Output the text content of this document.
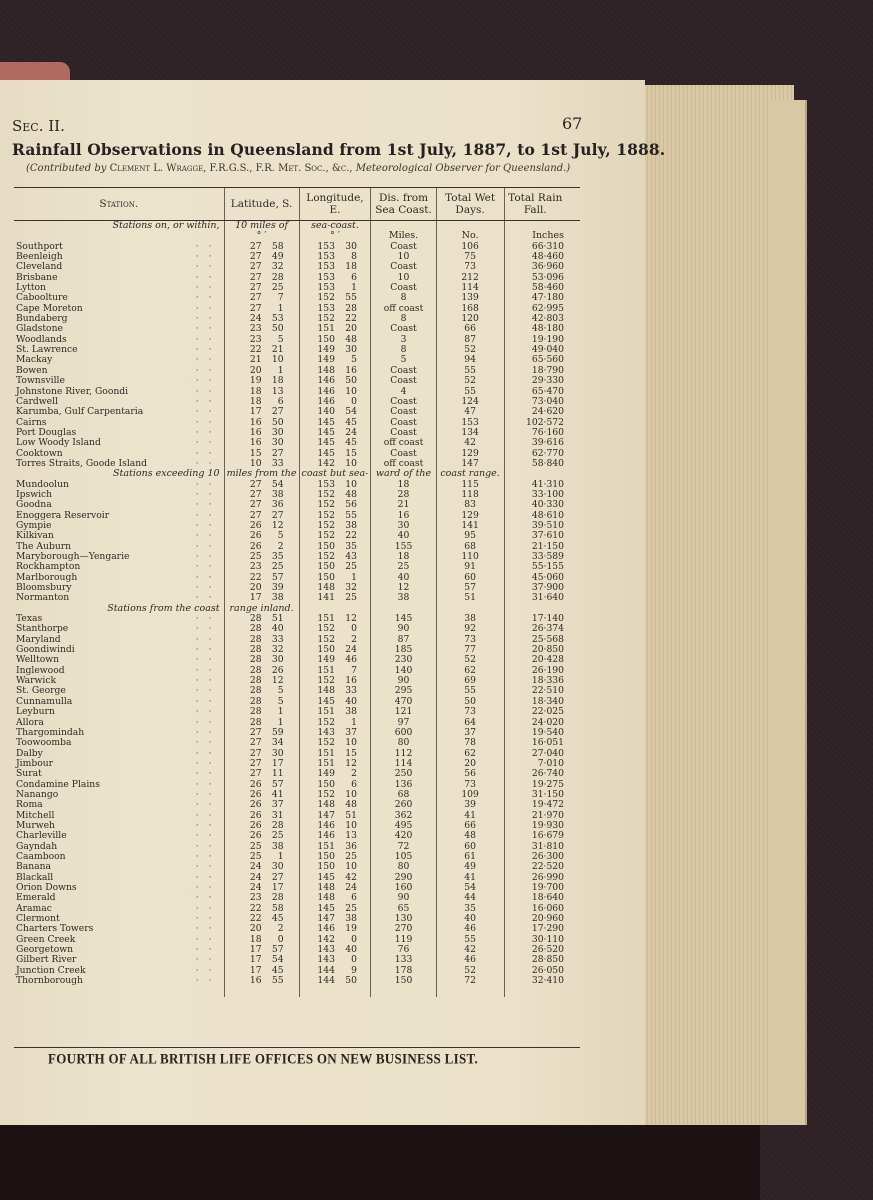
Sec. II.	67
Rainfall Observations in Queensland from 1st July, 1887, to 1st July, 1888.
(Contributed by Clement L. Wragge, F.R.G.S., F.R. Met. Soc., &c., Meteorological Observer for Queensland.)
Station.	Latitude, S.	Longitude, E.	Dis. from Sea Coast.	Total Wet Days.	Total Rain Fall.
Stations on, or within,	10 miles of	sea-coast.			
	° ′	° ′	Miles.	No.	Inches

Southport ··	27 58	153 30	Coast	106	66·310

Beenleigh ··	27 49	153 8	10	75	48·460

Cleveland ··	27 32	153 18	Coast	73	36·960

Brisbane ··	27 28	153 6	10	212	53·096

Lytton ··	27 25	153 1	Coast	114	58·460

Caboolture ··	27 7	152 55	8	139	47·180

Cape Moreton ··	27 1	153 28	off coast	168	62·995

Bundaberg ··	24 53	152 22	8	120	42·803

Gladstone ··	23 50	151 20	Coast	66	48·180

Woodlands ··	23 5	150 48	3	87	19·190

St. Lawrence ··	22 21	149 30	8	52	49·040

Mackay ··	21 10	149 5	5	94	65·560

Bowen ··	20 1	148 16	Coast	55	18·790

Townsville ··	19 18	146 50	Coast	52	29·330

Johnstone River, Goondi ··	18 13	146 10	4	55	65·470

Cardwell ··	18 6	146 0	Coast	124	73·040

Karumba, Gulf Carpentaria ··	17 27	140 54	Coast	47	24·620

Cairns ··	16 50	145 45	Coast	153	102·572

Port Douglas ··	16 30	145 24	Coast	134	76·160

Low Woody Island ··	16 30	145 45	off coast	42	39·616

Cooktown ··	15 27	145 15	Coast	129	62·770

Torres Straits, Goode Island ··	10 33	142 10	off coast	147	58·840
Stations exceeding 10	miles from the	coast but sea-	ward of the	coast range.	

Mundoolun ··	27 54	153 10	18	115	41·310

Ipswich ··	27 38	152 48	28	118	33·100

Goodna ··	27 36	152 56	21	83	40·330

Enoggera Reservoir ··	27 27	152 55	16	129	48·610

Gympie ··	26 12	152 38	30	141	39·510

Kilkivan ··	26 5	152 22	40	95	37·610

The Auburn ··	26 2	150 35	155	68	21·150

Maryborough—Yengarie ··	25 35	152 43	18	110	33·589

Rockhampton ··	23 25	150 25	25	91	55·155

Marlborough ··	22 57	150 1	40	60	45·060

Bloomsbury ··	20 39	148 32	12	57	37·900

Normanton ··	17 38	141 25	38	51	31·640
Stations from the coast	range inland.				

Texas ··	28 51	151 12	145	38	17·140

Stanthorpe ··	28 40	152 0	90	92	26·374

Maryland ··	28 33	152 2	87	73	25·568

Goondiwindi ··	28 32	150 24	185	77	20·850

Welltown ··	28 30	149 46	230	52	20·428

Inglewood ··	28 26	151 7	140	62	26·190

Warwick ··	28 12	152 16	90	69	18·336

St. George ··	28 5	148 33	295	55	22·510

Cunnamulla ··	28 5	145 40	470	50	18·340

Leyburn ··	28 1	151 38	121	73	22·025

Allora ··	28 1	152 1	97	64	24·020

Thargomindah ··	27 59	143 37	600	37	19·540

Toowoomba ··	27 34	152 10	80	78	16·051

Dalby ··	27 30	151 15	112	62	27·040

Jimbour ··	27 17	151 12	114	20	7·010

Surat ··	27 11	149 2	250	56	26·740

Condamine Plains ··	26 57	150 6	136	73	19·275

Nanango ··	26 41	152 10	68	109	31·150

Roma ··	26 37	148 48	260	39	19·472

Mitchell ··	26 31	147 51	362	41	21·970

Murweh ··	26 28	146 10	495	66	19·930

Charleville ··	26 25	146 13	420	48	16·679

Gayndah ··	25 38	151 36	72	60	31·810

Caamboon ··	25 1	150 25	105	61	26·300

Banana ··	24 30	150 10	80	49	22·520

Blackall ··	24 27	145 42	290	41	26·990

Orion Downs ··	24 17	148 24	160	54	19·700

Emerald ··	23 28	148 6	90	44	18·640

Aramac ··	22 58	145 25	65	35	16·060

Clermont ··	22 45	147 38	130	40	20·960

Charters Towers ··	20 2	146 19	270	46	17·290

Green Creek ··	18 0	142 0	119	55	30·110

Georgetown ··	17 57	143 40	76	42	26·520

Gilbert River ··	17 54	143 0	133	46	28·850

Junction Creek ··	17 45	144 9	178	52	26·050

Thornborough ··	16 55	144 50	150	72	32·410

FOURTH OF ALL BRITISH LIFE OFFICES ON NEW BUSINESS LIST.
